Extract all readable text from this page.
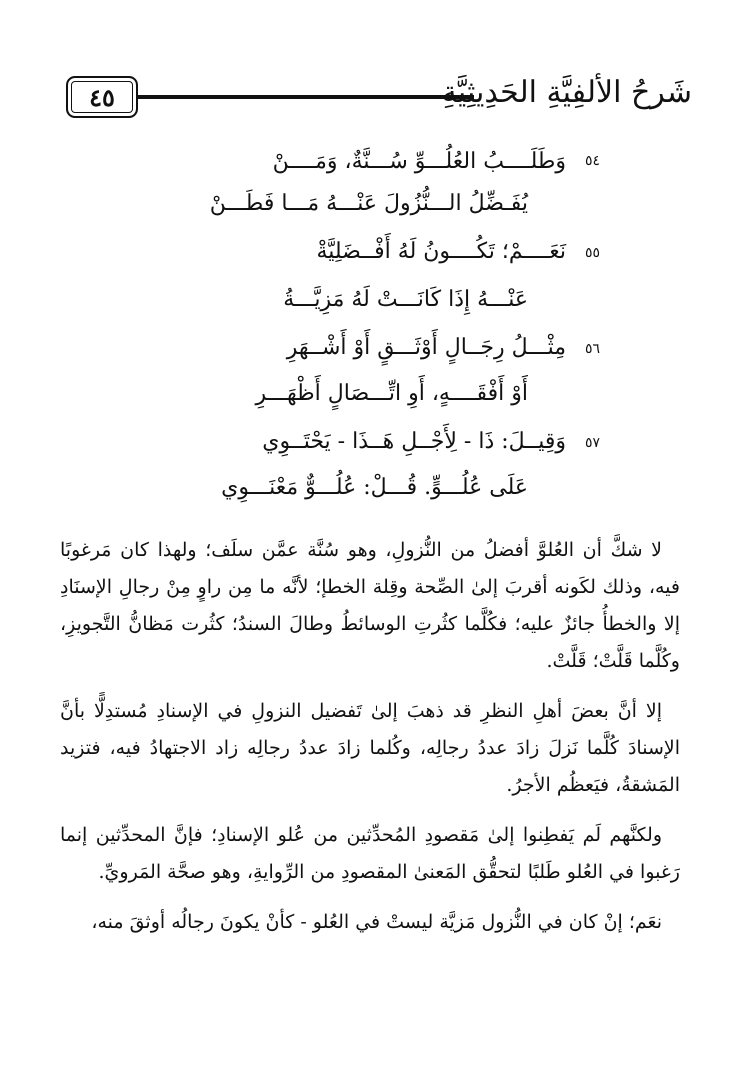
٤٥	شَرحُ الألفِيَّةِ الحَدِيثِيَّةِ
٥٤
وَطَلَــــبُ العُلُـــوِّ سُـــنَّةٌ، وَمَــــنْ
يُفَـضِّلُ الـــنُّزُولَ عَنْـــهُ مَـــا فَطَـــنْ
٥٥
نَعَــــمْ؛ تَكُــــونُ لَهُ أَفْــضَلِيَّةْ
عَنْـــهُ إِذَا كَانَـــتْ لَهُ مَزِيَّـــةُ
٥٦
مِثْـــلُ رِجَــالٍ أَوْثَـــقٍ أَوْ أَشْــهَرِ
أَوْ أَفْقَــــهٍ، أَوِ اتِّـــصَالٍ أَظْهَـــرِ
٥٧
وَقِيــلَ: ذَا - لِأَجْــلِ هَــذَا - يَحْتَــوِي
عَلَى عُلُـــوٍّ. قُـــلْ: عُلُـــوٌّ مَعْنَـــوِي

لا شكَّ أن العُلوَّ أفضلُ من النُّزولِ، وهو سُنَّة عمَّن سلَف؛ ولهذا كان مَرغوبًا فيه، وذلك لكَونه أقربَ إلىٰ الصِّحة وقِلة الخطإ؛ لأنَّه ما مِن راوٍ مِنْ رجالِ الإسنَادِ إلا والخطأُ جائزٌ عليه؛ فكُلَّما كثُرتِ الوسائطُ وطالَ السندُ؛ كثُرت مَظانُّ التَّجويزِ، وكُلَّما قَلَّتْ؛ قَلَّتْ.

إلا أنَّ بعضَ أهلِ النظرِ قد ذهبَ إلىٰ تَفضيل النزولِ في الإسنادِ مُستدِلًّا بأنَّ الإسنادَ كُلَّما نَزلَ زادَ عددُ رجالِه، وكُلما زادَ عددُ رجالِه زاد الاجتهادُ فيه، فتزيد المَشقةُ، فيَعظُم الأجرُ.

ولكنَّهم لَم يَفطِنوا إلىٰ مَقصودِ المُحدِّثين من عُلو الإسنادِ؛ فإنَّ المحدِّثين إنما رَغبوا في العُلو طَلبًا لتحقُّق المَعنىٰ المقصودِ من الرِّوايةِ، وهو صحَّة المَرويِّ.

نعَم؛ إنْ كان في النُّزول مَزيَّة ليستْ في العُلو - كأنْ يكونَ رجالُه أوثقَ منه،
